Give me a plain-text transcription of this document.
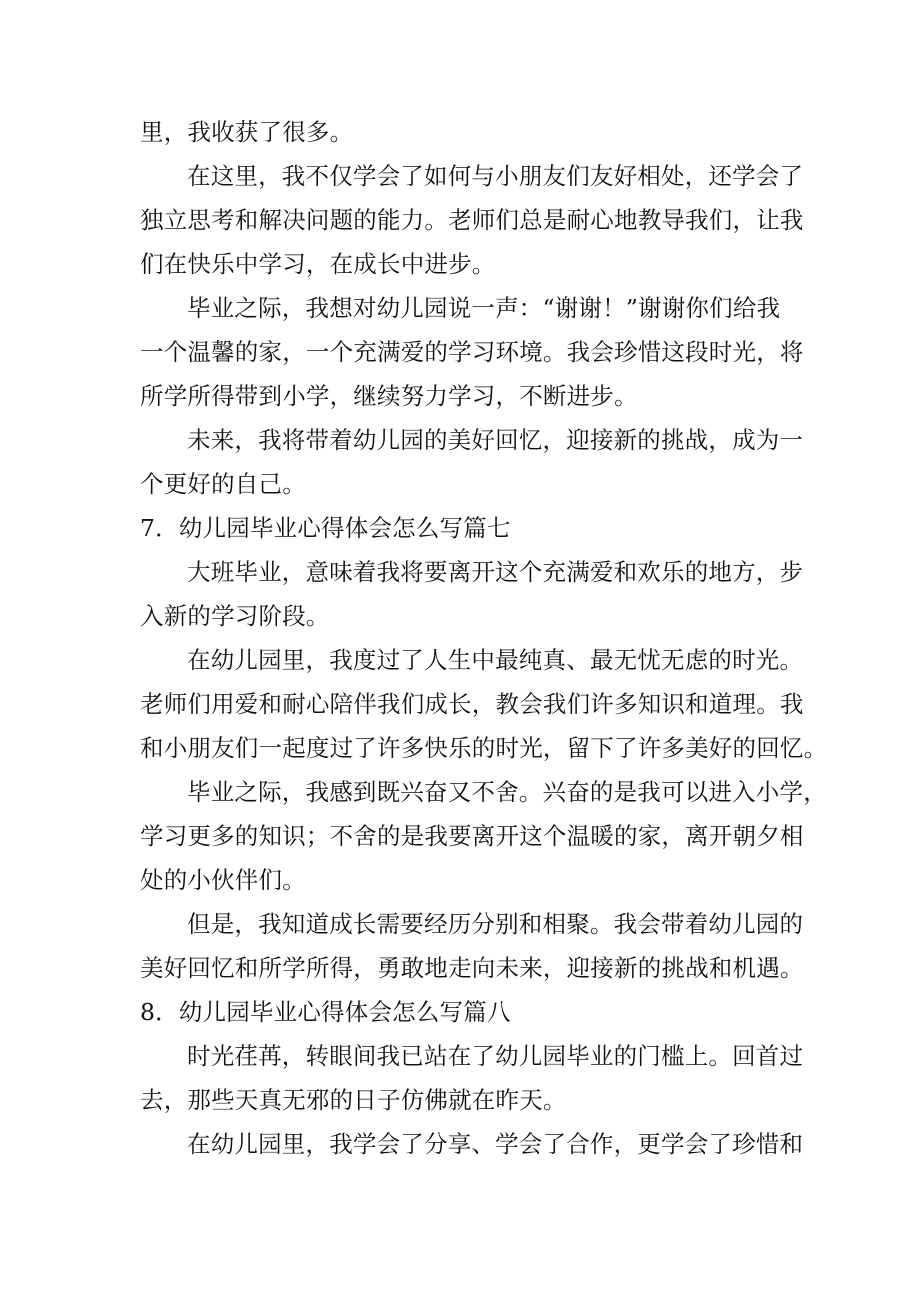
里，我收获了很多。
在这里，我不仅学会了如何与小朋友们友好相处，还学会了
独立思考和解决问题的能力。老师们总是耐心地教导我们，让我
们在快乐中学习，在成长中进步。
毕业之际，我想对幼儿园说一声：“谢谢！”谢谢你们给我
一个温馨的家，一个充满爱的学习环境。我会珍惜这段时光，将
所学所得带到小学，继续努力学习，不断进步。
未来，我将带着幼儿园的美好回忆，迎接新的挑战，成为一
个更好的自己。
7．幼儿园毕业心得体会怎么写篇七
大班毕业，意味着我将要离开这个充满爱和欢乐的地方，步
入新的学习阶段。
在幼儿园里，我度过了人生中最纯真、最无忧无虑的时光。
老师们用爱和耐心陪伴我们成长，教会我们许多知识和道理。我
和小朋友们一起度过了许多快乐的时光，留下了许多美好的回忆。
毕业之际，我感到既兴奋又不舍。兴奋的是我可以进入小学，
学习更多的知识；不舍的是我要离开这个温暖的家，离开朝夕相
处的小伙伴们。
但是，我知道成长需要经历分别和相聚。我会带着幼儿园的
美好回忆和所学所得，勇敢地走向未来，迎接新的挑战和机遇。
8．幼儿园毕业心得体会怎么写篇八
时光荏苒，转眼间我已站在了幼儿园毕业的门槛上。回首过
去，那些天真无邪的日子仿佛就在昨天。
在幼儿园里，我学会了分享、学会了合作，更学会了珍惜和
